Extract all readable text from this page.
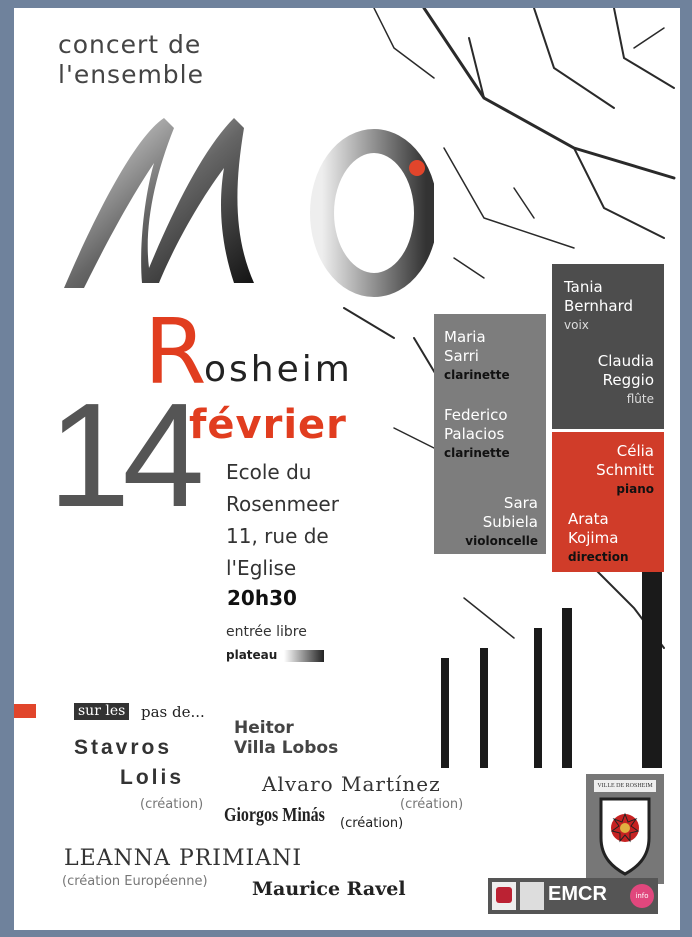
concert de
l'ensemble
R
osheim
14
février
Ecole du
Rosenmeer
11, rue de
l'Eglise
20h30
entrée libre
plateau
Maria
Sarri
clarinette
Federico
Palacios
clarinette
Sara
Subiela
violoncelle
Tania
Bernhard
voix
Claudia
Reggio
flûte
Célia
Schmitt
piano
Arata
Kojima
direction
sur les pas de...
Stavros
Lolis
(création)
Heitor
Villa Lobos
Alvaro Martínez
(création)
Giorgos Minás (création)
LEANNA PRIMIANI
(création Européenne) Maurice Ravel
VILLE DE ROSHEIM
EMCR	info
